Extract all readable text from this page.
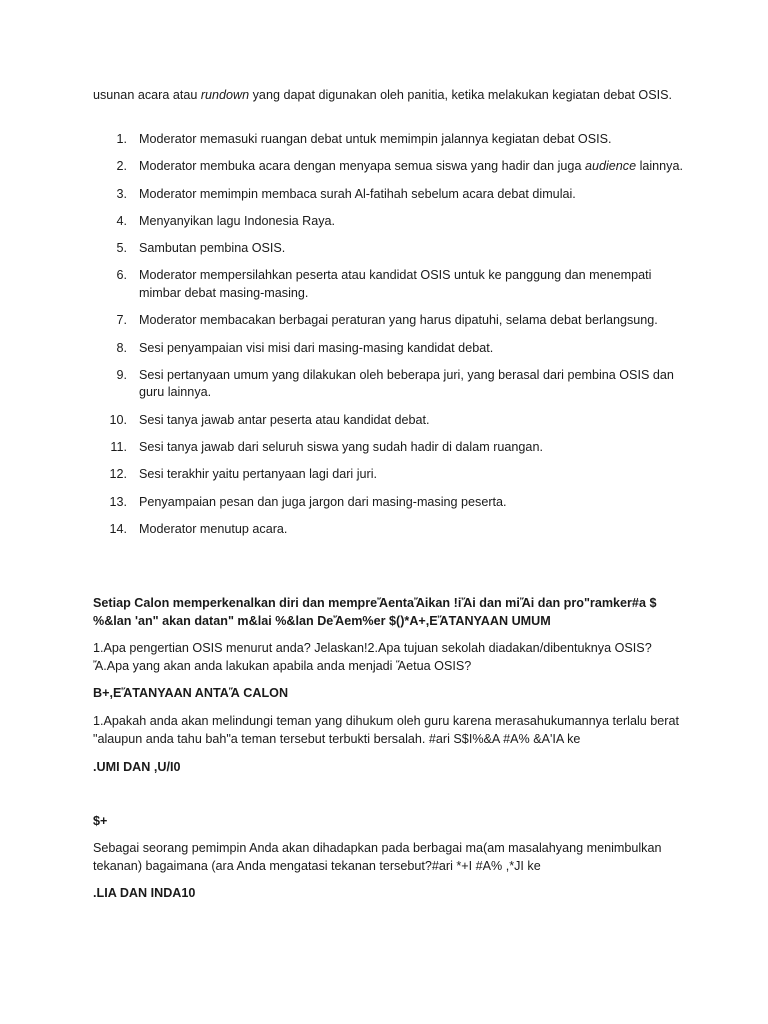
usunan acara atau rundown yang dapat digunakan oleh panitia, ketika melakukan kegiatan debat OSIS.
1. Moderator memasuki ruangan debat untuk memimpin jalannya kegiatan debat OSIS.
2. Moderator membuka acara dengan menyapa semua siswa yang hadir dan juga audience lainnya.
3. Moderator memimpin membaca surah Al-fatihah sebelum acara debat dimulai.
4. Menyanyikan lagu Indonesia Raya.
5. Sambutan pembina OSIS.
6. Moderator mempersilahkan peserta atau kandidat OSIS untuk ke panggung dan menempati mimbar debat masing-masing.
7. Moderator membacakan berbagai peraturan yang harus dipatuhi, selama debat berlangsung.
8. Sesi penyampaian visi misi dari masing-masing kandidat debat.
9. Sesi pertanyaan umum yang dilakukan oleh beberapa juri, yang berasal dari pembina OSIS dan guru lainnya.
10. Sesi tanya jawab antar peserta atau kandidat debat.
11. Sesi tanya jawab dari seluruh siswa yang sudah hadir di dalam ruangan.
12. Sesi terakhir yaitu pertanyaan lagi dari juri.
13. Penyampaian pesan dan juga jargon dari masing-masing peserta.
14. Moderator menutup acara.
Setiap Calon memperkenalkan diri dan mempreἌ⁠entaἌ⁠ikan !iἌ⁠i dan miἌ⁠i dan pro"ramker#a $ %&lan 'an" akan datan" m&lai %&lan DeἌ⁠em%er $()*A+,EἍ⁠TANYAAN UMUM
1.Apa pengertian OSIS menurut anda? Jelaskan!2.Apa tujuan sekolah diadakan/dibentuknya OSIS? Ἄ⁠.Apa yang akan anda lakukan apabila anda menjadi Ἅ⁠etua OSIS?
B+,EἍ⁠TANYAAN ANTAἍ⁠ CALON
1.Apakah anda akan melindungi teman yang dihukum oleh guru karena merasahukumannya terlalu berat "alaupun anda tahu bah"a teman tersebut terbukti bersalah. #ari S$I%&A #A% &A'IA ke
.UMI DAN ,U/I0
$+
Sebagai seorang pemimpin Anda akan dihadapkan pada berbagai ma(am masalahyang menimbulkan tekanan) bagaimana (ara Anda mengatasi tekanan tersebut?#ari *+I #A% ,*JI ke
.LIA DAN INDA10
